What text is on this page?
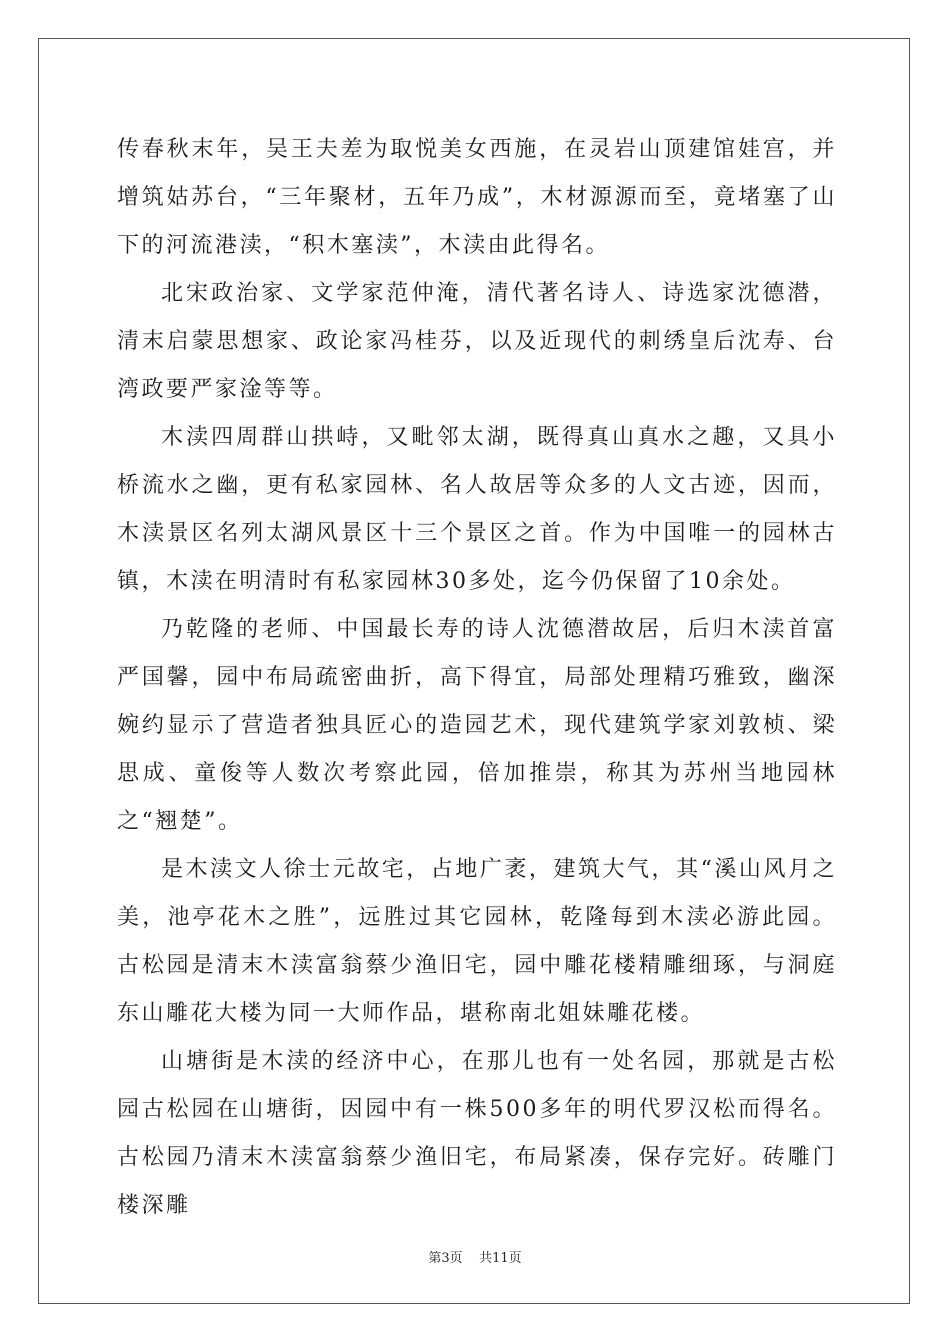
传春秋末年，吴王夫差为取悦美女西施，在灵岩山顶建馆娃宫，并增筑姑苏台，“三年聚材，五年乃成”，木材源源而至，竟堵塞了山下的河流港渎，“积木塞渎”，木渎由此得名。

北宋政治家、文学家范仲淹，清代著名诗人、诗选家沈德潜，清末启蒙思想家、政论家冯桂芬，以及近现代的刺绣皇后沈寿、台湾政要严家淦等等。

木渎四周群山拱峙，又毗邻太湖，既得真山真水之趣，又具小桥流水之幽，更有私家园林、名人故居等众多的人文古迹，因而，木渎景区名列太湖风景区十三个景区之首。作为中国唯一的园林古镇，木渎在明清时有私家园林30多处，迄今仍保留了10余处。

乃乾隆的老师、中国最长寿的诗人沈德潜故居，后归木渎首富严国馨，园中布局疏密曲折，高下得宜，局部处理精巧雅致，幽深婉约显示了营造者独具匠心的造园艺术，现代建筑学家刘敦桢、梁思成、童俊等人数次考察此园，倍加推崇，称其为苏州当地园林之“翘楚”。

是木渎文人徐士元故宅，占地广袤，建筑大气，其“溪山风月之美，池亭花木之胜”，远胜过其它园林，乾隆每到木渎必游此园。古松园是清末木渎富翁蔡少渔旧宅，园中雕花楼精雕细琢，与洞庭东山雕花大楼为同一大师作品，堪称南北姐妹雕花楼。

山塘街是木渎的经济中心，在那儿也有一处名园，那就是古松园古松园在山塘街，因园中有一株500多年的明代罗汉松而得名。古松园乃清末木渎富翁蔡少渔旧宅，布局紧凑，保存完好。砖雕门楼深雕

第3页    共11页
